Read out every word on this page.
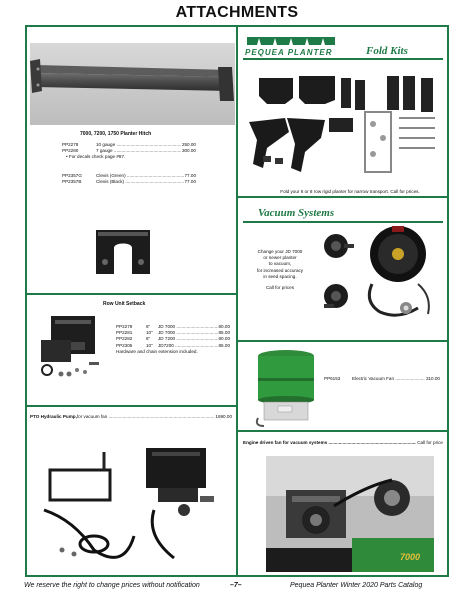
ATTACHMENTS
7000, 7200, 1750 Planter Hitch
PP2278	10 gauge .....	250.00
PP2280	7 gauge .....	300.00
• For decals check page #87.
PP2357G	Clevis (Green) .....	77.00
PP2357B	Clevis (Black) .....	77.00
Row Unit Setback
PP2279	6"	JD 7000 .....	80.00
PP2281	10"	JD 7000 .....	85.00
PP2282	6"	JD 7200 .....	80.00
PP2305	10"	JD7200 .....	85.00
Hardware and chain extension included.
PTO Hydraulic Pump, for vacuum fan .....	1690.00
PEQUEA PLANTER	Fold Kits
Fold your 6 or 8 row rigid planter for narrow transport. Call for prices.
Vacuum Systems
Change your JD 7000
or newer planter
to vacuum,
for increased accuracy
in seed spacing.
Call for prices
PP6153	Electric Vacuum Fan .....	310.00
Engine driven fan for vacuum systems .....	Call for price
7000
We reserve the right to change prices without notification	–7–	Pequea Planter Winter 2020 Parts Catalog
